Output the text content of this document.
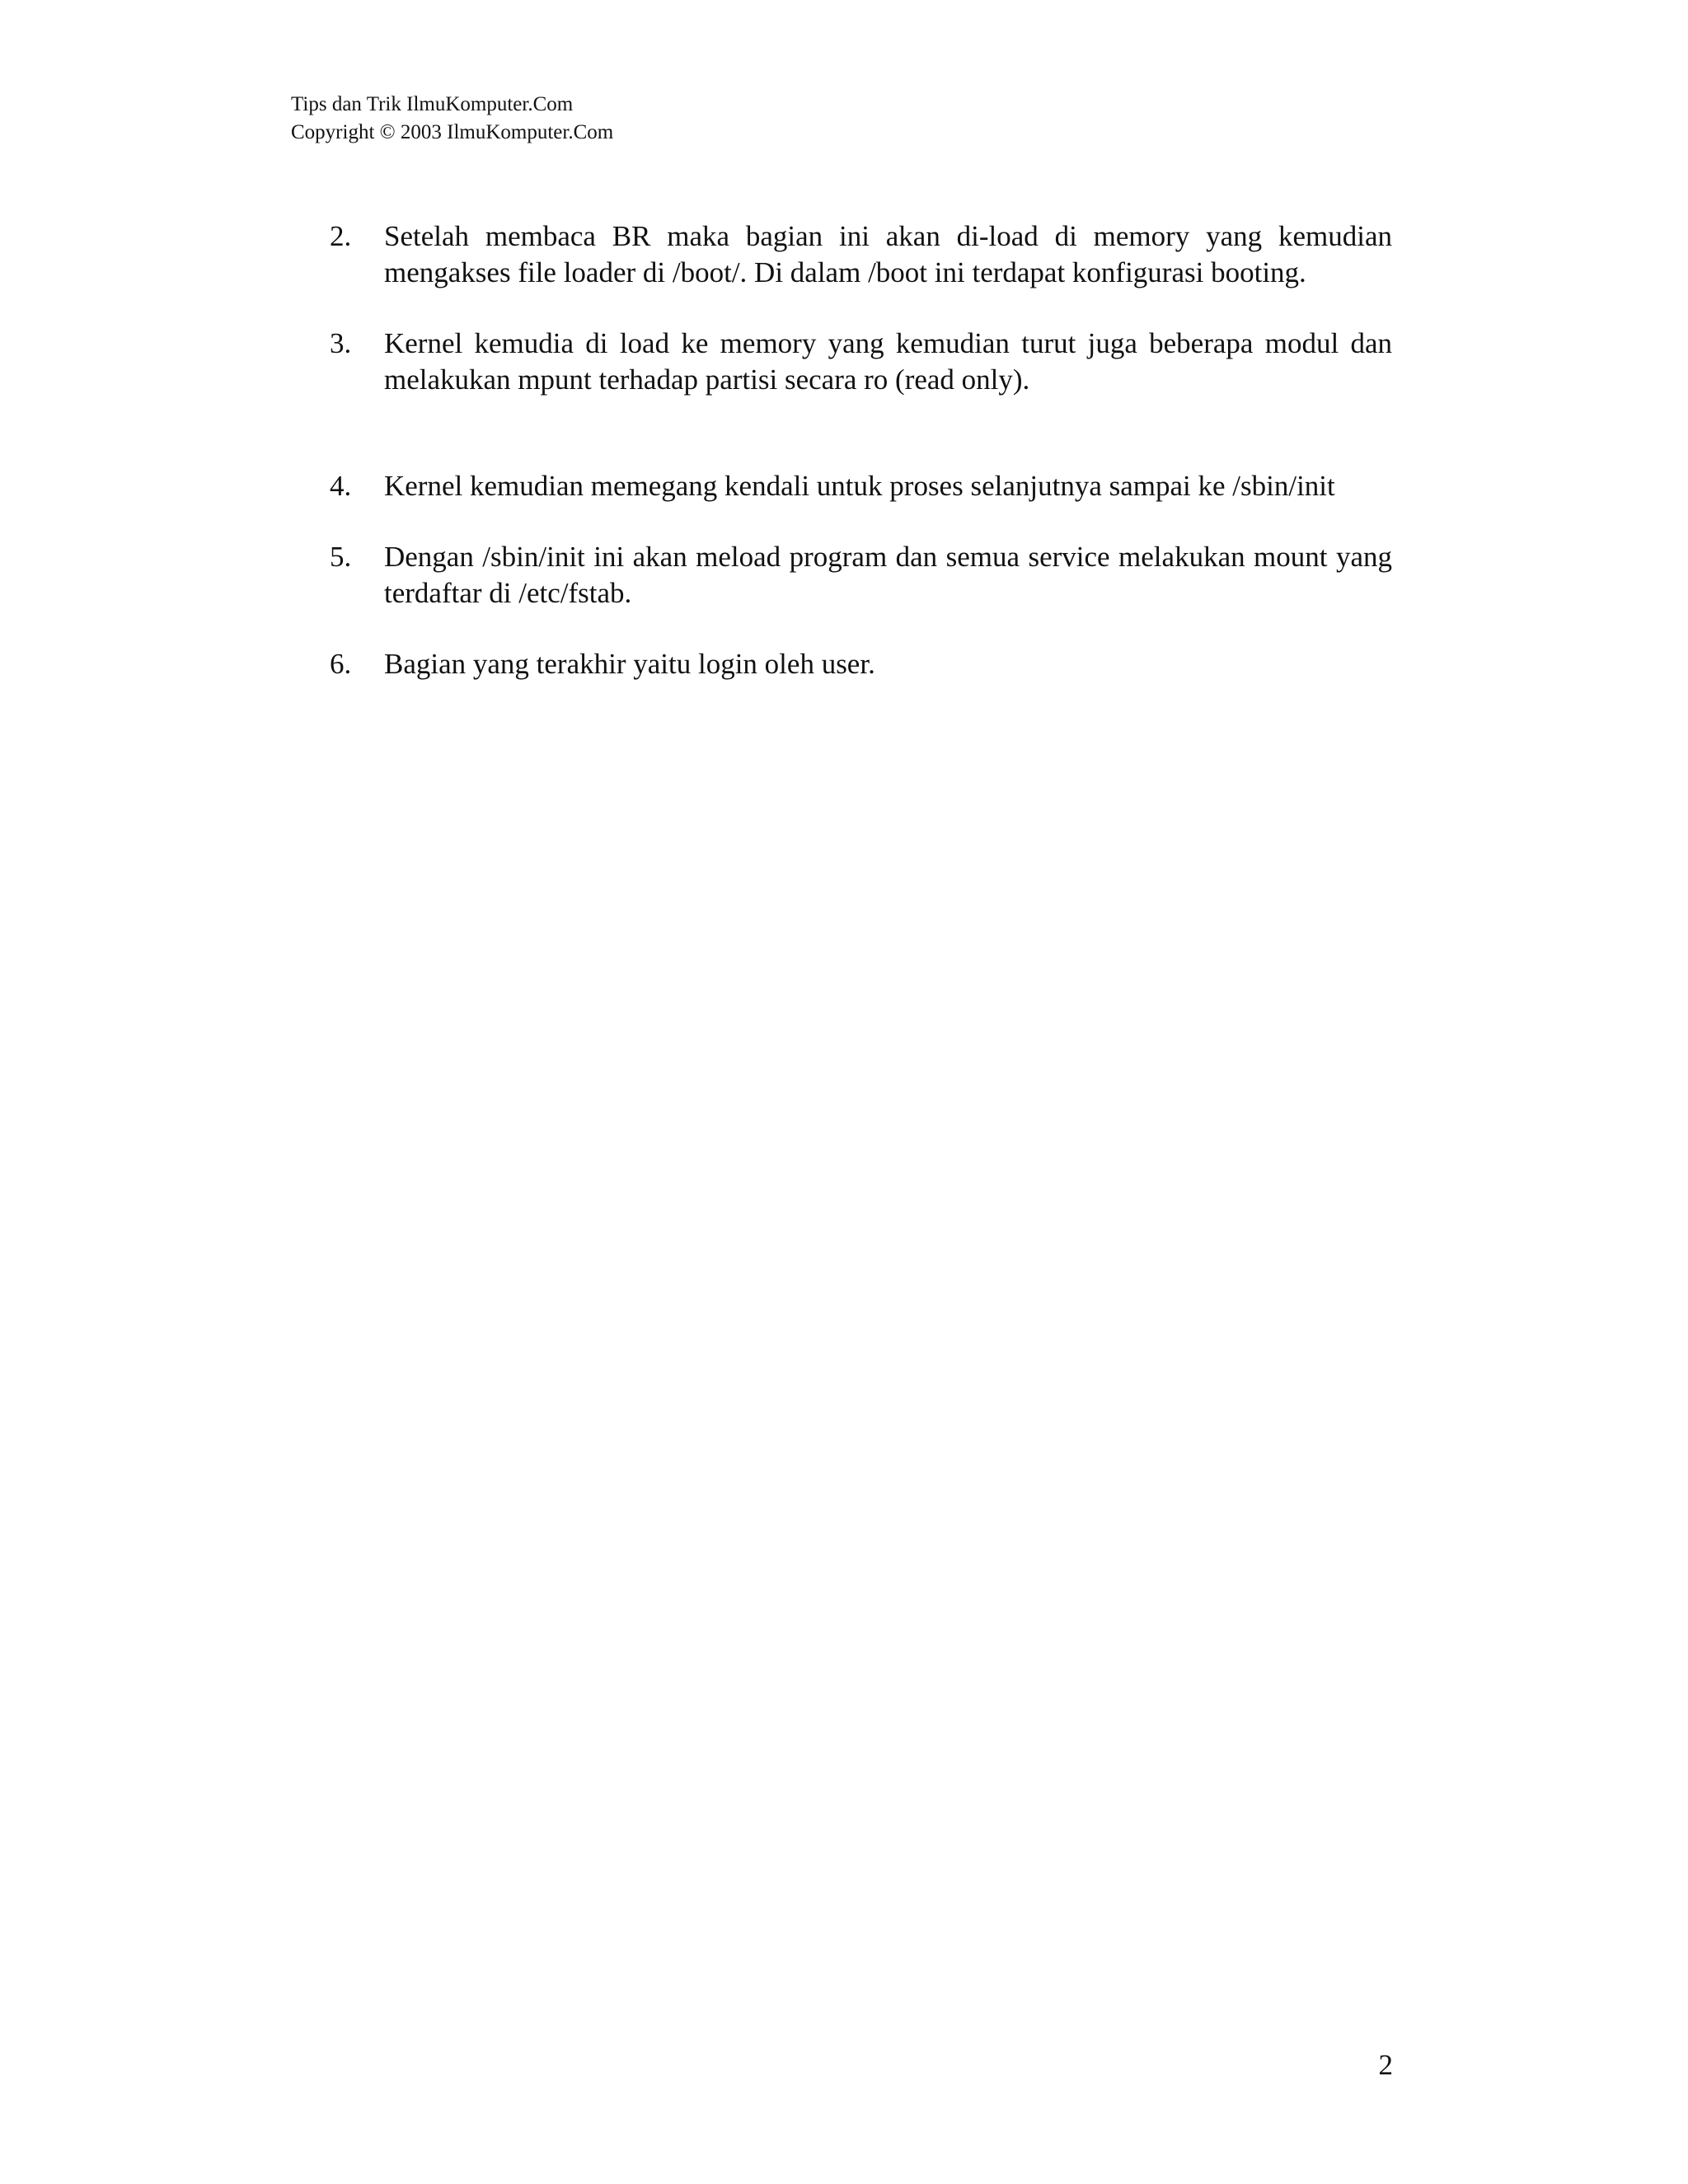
Tips dan Trik IlmuKomputer.Com
Copyright © 2003 IlmuKomputer.Com
2.	Setelah membaca BR maka bagian ini akan di-load di memory yang kemudian mengakses file loader di /boot/. Di dalam /boot ini terdapat konfigurasi booting.
3.	Kernel kemudia di load ke memory yang kemudian turut juga beberapa modul dan melakukan mpunt terhadap partisi secara ro (read only).
4.	Kernel kemudian memegang kendali untuk proses selanjutnya sampai ke /sbin/init
5.	Dengan /sbin/init ini akan meload program dan semua service melakukan mount yang terdaftar di /etc/fstab.
6.	Bagian yang terakhir yaitu login oleh user.
2
